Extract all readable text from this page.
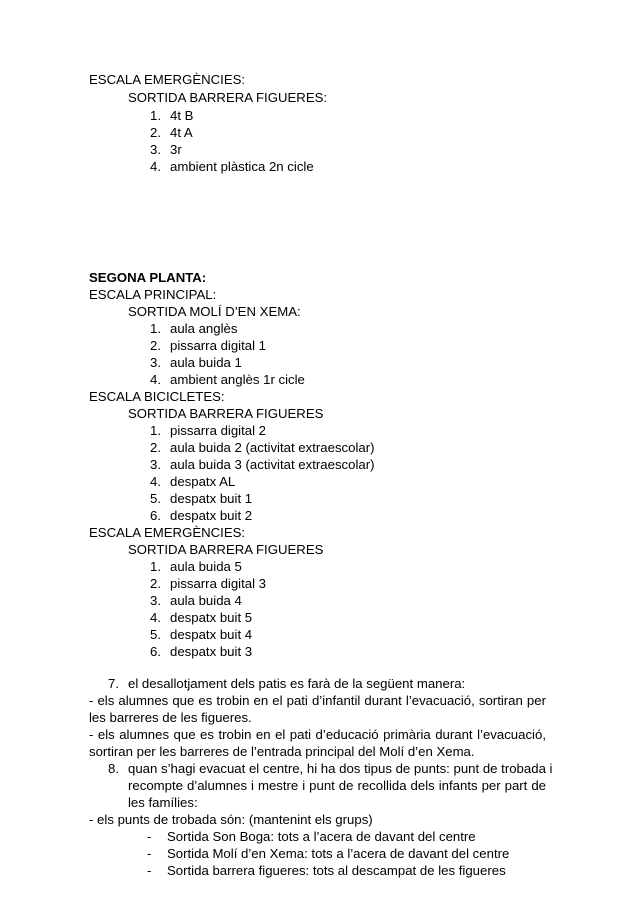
ESCALA EMERGÈNCIES:
SORTIDA BARRERA FIGUERES:
1. 4t B
2. 4t A
3. 3r
4. ambient plàstica 2n cicle
SEGONA PLANTA:
ESCALA PRINCIPAL:
SORTIDA MOLÍ D’EN XEMA:
1. aula anglès
2. pissarra digital 1
3. aula buida 1
4. ambient anglès 1r cicle
ESCALA BICICLETES:
SORTIDA BARRERA FIGUERES
1. pissarra digital 2
2. aula buida 2 (activitat extraescolar)
3. aula buida 3 (activitat extraescolar)
4. despatx AL
5. despatx buit 1
6. despatx buit 2
ESCALA EMERGÈNCIES:
SORTIDA BARRERA FIGUERES
1. aula buida 5
2. pissarra digital 3
3. aula buida 4
4. despatx buit 5
5. despatx buit 4
6. despatx buit 3
7. el desallotjament dels patis es farà de la següent manera:
- els alumnes que es trobin en el pati d’infantil durant l’evacuació, sortiran per
les barreres de les figueres.
- els alumnes que es trobin en el pati d’educació primària durant l’evacuació,
sortiran per les barreres de l’entrada principal del Molí d’en Xema.
8. quan s’hagi evacuat el centre, hi ha dos tipus de punts: punt de trobada i
recompte d’alumnes i mestre i punt de recollida dels infants per part de
les famílies:
- els punts de trobada són: (mantenint els grups)
- Sortida Son Boga: tots a l’acera de davant del centre
- Sortida Molí d’en Xema: tots a l’acera de davant del centre
- Sortida barrera figueres: tots al descampat de les figueres
